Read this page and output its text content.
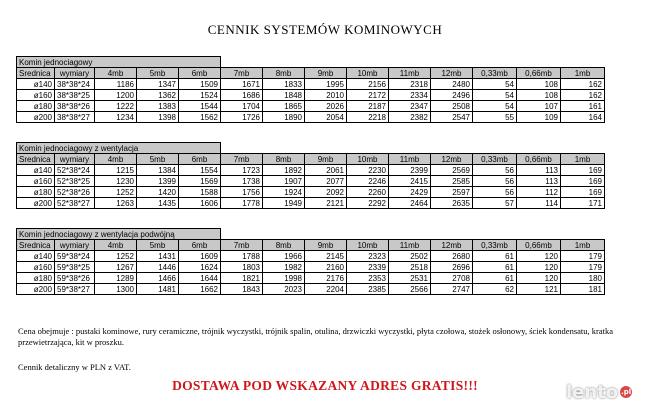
CENNIK SYSTEMÓW KOMINOWYCH
Komin jednociagowy													
Srednica	wymiary	4mb	5mb	6mb	7mb	8mb	9mb	10mb	11mb	12mb	0,33mb	0,66mb	1mb
ø140	38*38*24	1186	1347	1509	1671	1833	1995	2156	2318	2480	54	108	162
ø160	38*38*25	1200	1362	1524	1686	1848	2010	2172	2334	2496	54	108	162
ø180	38*38*26	1222	1383	1544	1704	1865	2026	2187	2347	2508	54	107	161
ø200	38*38*27	1234	1398	1562	1726	1890	2054	2218	2382	2547	55	109	164
Komin jednociagowy z wentylacja													
Srednica	wymiary	4mb	5mb	6mb	7mb	8mb	9mb	10mb	11mb	12mb	0,33mb	0,66mb	1mb
ø140	52*38*24	1215	1384	1554	1723	1892	2061	2230	2399	2569	56	113	169
ø160	52*38*25	1230	1399	1569	1738	1907	2077	2246	2415	2585	56	113	169
ø180	52*38*26	1252	1420	1588	1756	1924	2092	2260	2429	2597	56	112	169
ø200	52*38*27	1263	1435	1606	1778	1949	2121	2292	2464	2635	57	114	171
Komin jednociagowy z wentylacja podwójną													
Srednica	wymiary	4mb	5mb	6mb	7mb	8mb	9mb	10mb	11mb	12mb	0,33mb	0,66mb	1mb
ø140	59*38*24	1252	1431	1609	1788	1966	2145	2323	2502	2680	61	120	179
ø160	59*38*25	1267	1446	1624	1803	1982	2160	2339	2518	2696	61	120	179
ø180	59*38*26	1289	1466	1644	1821	1998	2176	2353	2531	2708	61	120	180
ø200	59*38*27	1300	1481	1662	1843	2023	2204	2385	2566	2747	62	121	181
Cena obejmuje : pustaki kominowe, rury ceramiczne, trójnik wyczystki, trójnik spalin, otulina, drzwiczki wyczystki, płyta czołowa, stożek osłonowy, ściek kondensatu, kratka przewietrzająca, kit w proszku.
Cennik detaliczny w PLN z VAT.
DOSTAWA POD WSKAZANY ADRES GRATIS!!!	lento .pl
